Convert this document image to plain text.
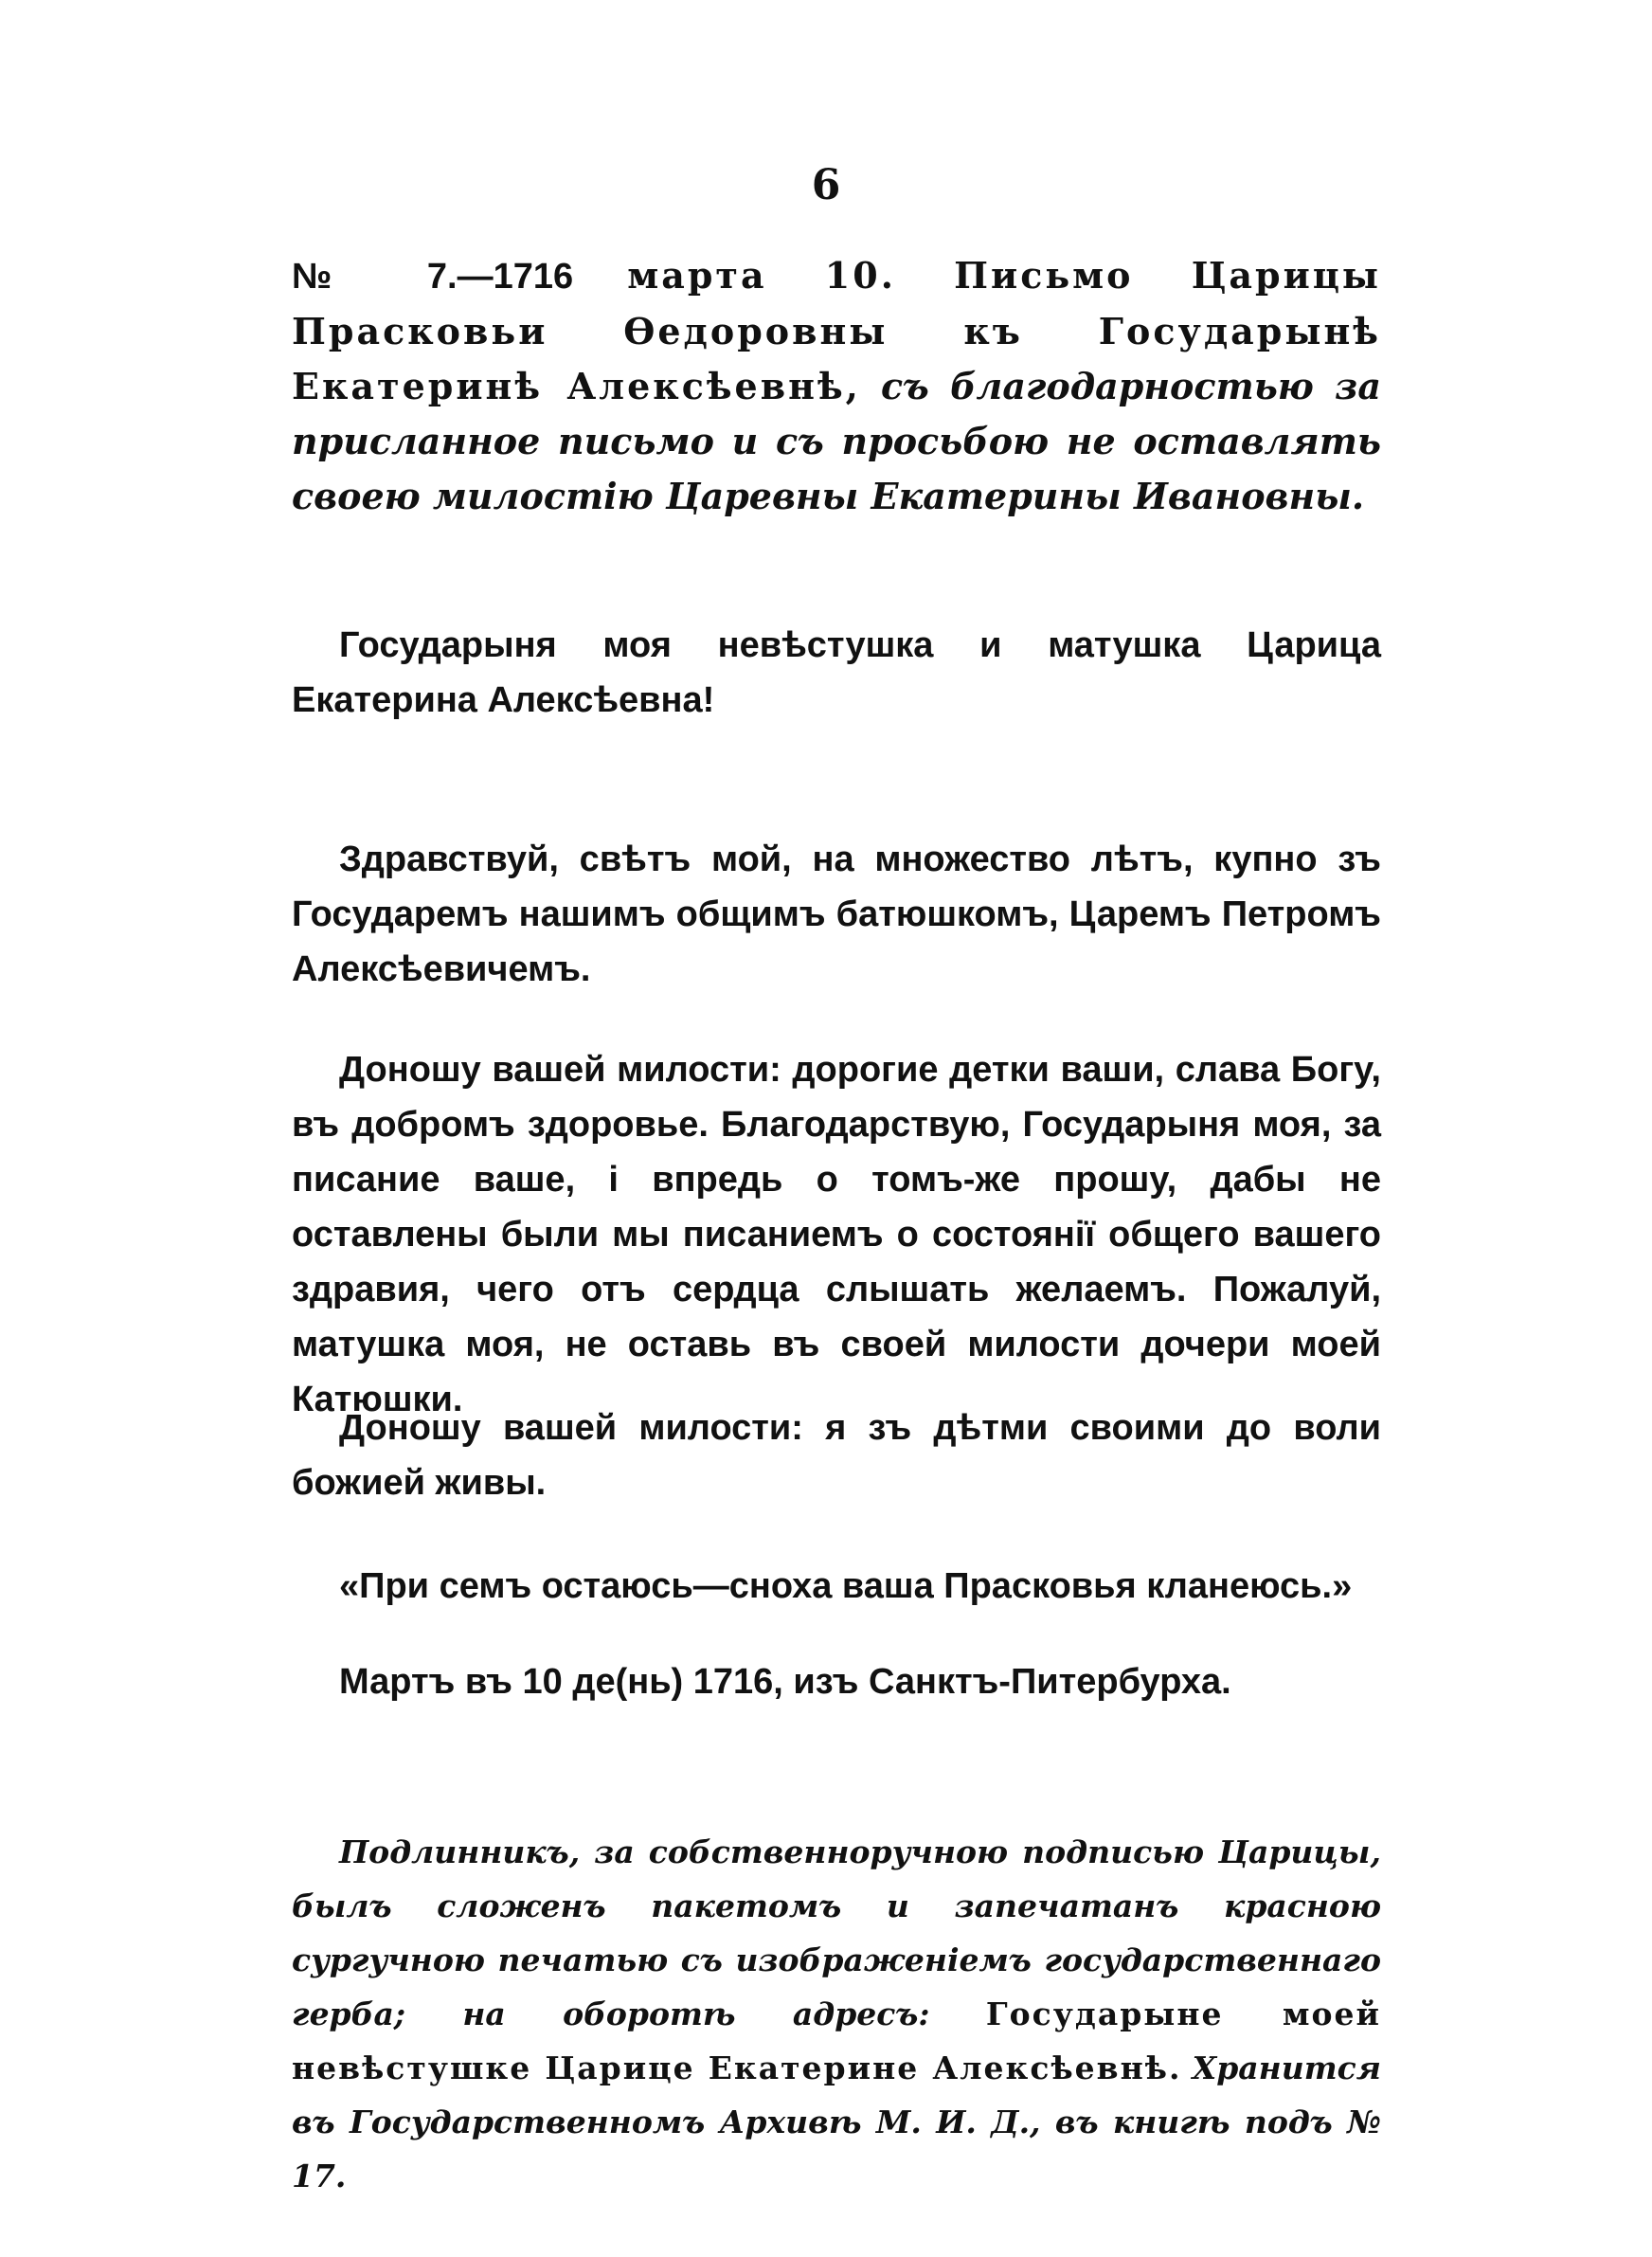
6
№ 7.—1716 марта 10. Письмо Царицы Прасковьи Өедоровны къ Государынѣ Екатеринѣ Алексѣевнѣ, съ благодарностью за присланное письмо и съ просьбою не оставлять своею милостію Царевны Екатерины Ивановны.

Государыня моя невѣстушка и матушка Царица Екатерина Алексѣевна!

Здравствуй, свѣтъ мой, на множество лѣтъ, купно зъ Государемъ нашимъ общимъ батюшкомъ, Царемъ Петромъ Алексѣевичемъ.

Доношу вашей милости: дорогие детки ваши, слава Богу, въ добромъ здоровье. Благодарствую, Государыня моя, за писание ваше, і впредь о томъ-же прошу, дабы не оставлены были мы писаниемъ о состоянії общего вашего здравия, чего отъ сердца слышать желаемъ. Пожалуй, матушка моя, не оставь въ своей милости дочери моей Катюшки.

Доношу вашей милости: я зъ дѣтми своими до воли божией живы.

«При семъ остаюсь—сноха ваша Прасковья кланеюсь.»

Мартъ въ 10 де(нь) 1716, изъ Санктъ-Питербурха.

Подлинникъ, за собственноручною подписью Царицы, былъ сложенъ пакетомъ и запечатанъ красною сургучною печатью съ изображеніемъ государственнаго герба; на оборотѣ адресъ: Государыне моей невѣстушке Царице Екатерине Алексѣевнѣ. Хранится въ Государственномъ Архивѣ М. И. Д., въ книгѣ подъ № 17.
